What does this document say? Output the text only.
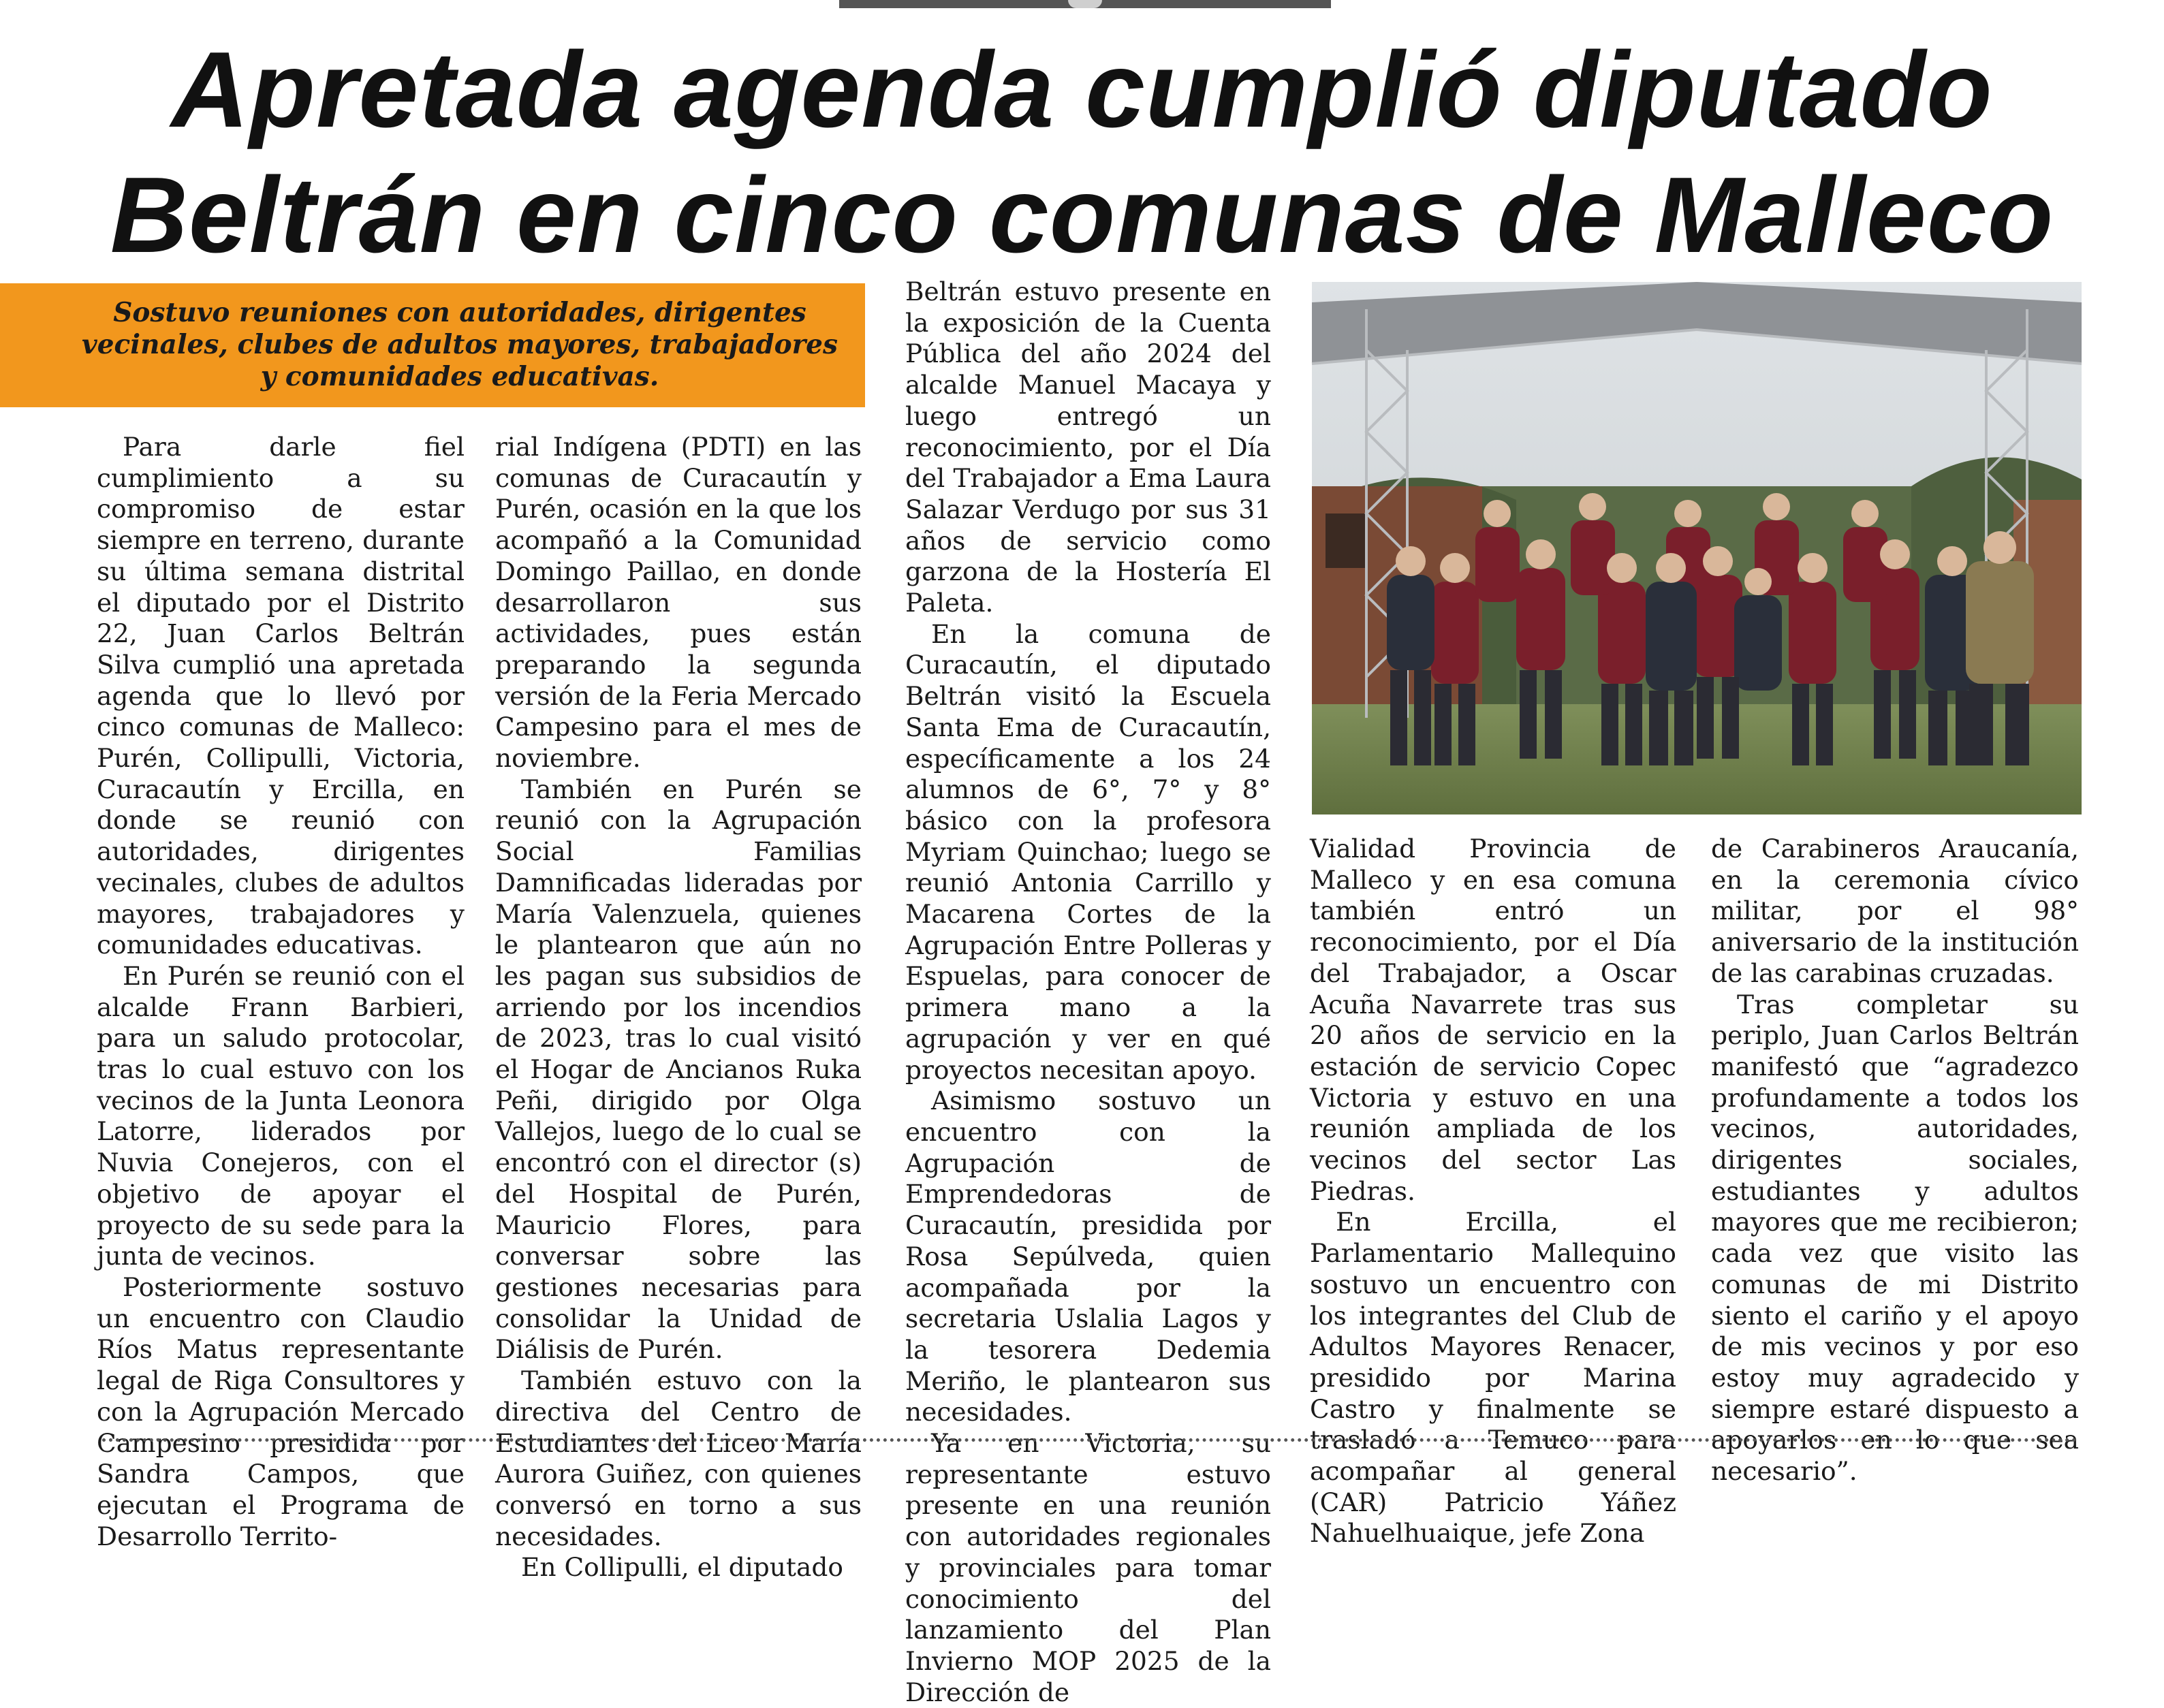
Apretada agenda cumplió diputado
Beltrán en cinco comunas de Malleco
Sostuvo reuniones con autoridades, dirigentes vecinales, clubes de adultos mayores, trabajadores y comunidades educativas.

Para darle fiel cumplimiento a su compromiso de estar siempre en terreno, durante su última semana distrital el diputado por el Distrito 22, Juan Carlos Beltrán Silva cumplió una apretada agenda que lo llevó por cinco comunas de Malleco: Purén, Collipulli, Victoria, Curacautín y Ercilla, en donde se reunió con autoridades, dirigentes vecinales, clubes de adultos mayores, trabajadores y comunidades educativas.

En Purén se reunió con el alcalde Frann Barbieri, para un saludo protocolar, tras lo cual estuvo con los vecinos de la Junta Leonora Latorre, liderados por Nuvia Conejeros, con el objetivo de apoyar el proyecto de su sede para la junta de vecinos.

Posteriormente sostuvo un encuentro con Claudio Ríos Matus representante legal de Riga Consultores y con la Agrupación Mercado Campesino presidida por Sandra Campos, que ejecutan el Programa de Desarrollo Territo-

rial Indígena (PDTI) en las comunas de Curacautín y Purén, ocasión en la que los acompañó a la Comunidad Domingo Paillao, en donde desarrollaron sus actividades, pues están preparando la segunda versión de la Feria Mercado Campesino para el mes de noviembre.

También en Purén se reunió con la Agrupación Social Familias Damnificadas lideradas por María Valenzuela, quienes le plantearon que aún no les pagan sus subsidios de arriendo por los incendios de 2023, tras lo cual visitó el Hogar de Ancianos Ruka Peñi, dirigido por Olga Vallejos, luego de lo cual se encontró con el director (s) del Hospital de Purén, Mauricio Flores, para conversar sobre las gestiones necesarias para consolidar la Unidad de Diálisis de Purén.

También estuvo con la directiva del Centro de Estudiantes del Liceo María Aurora Guiñez, con quienes conversó en torno a sus necesidades.

En Collipulli, el diputado

Beltrán estuvo presente en la exposición de la Cuenta Pública del año 2024 del alcalde Manuel Macaya y luego entregó un reconocimiento, por el Día del Trabajador a Ema Laura Salazar Verdugo por sus 31 años de servicio como garzona de la Hostería El Paleta.

En la comuna de Curacautín, el diputado Beltrán visitó la Escuela Santa Ema de Curacautín, específicamente a los 24 alumnos de 6°, 7° y 8° básico con la profesora Myriam Quinchao; luego se reunió Antonia Carrillo y Macarena Cortes de la Agrupación Entre Polleras y Espuelas, para conocer de primera mano a la agrupación y ver en qué proyectos necesitan apoyo.

Asimismo sostuvo un encuentro con la Agrupación de Emprendedoras de Curacautín, presidida por Rosa Sepúlveda, quien acompañada por la secretaria Uslalia Lagos y la tesorera Dedemia Meriño, le plantearon sus necesidades.

Ya en Victoria, su representante estuvo presente en una reunión con autoridades regionales y provinciales para tomar conocimiento del lanzamiento del Plan Invierno MOP 2025 de la Dirección de

Vialidad Provincia de Malleco y en esa comuna también entró un reconocimiento, por el Día del Trabajador, a Oscar Acuña Navarrete tras sus 20 años de servicio en la estación de servicio Copec Victoria y estuvo en una reunión ampliada de los vecinos del sector Las Piedras.

En Ercilla, el Parlamentario Mallequino sostuvo un encuentro con los integrantes del Club de Adultos Mayores Renacer, presidido por Marina Castro y finalmente se trasladó a Temuco para acompañar al general (CAR) Patricio Yáñez Nahuelhuaique, jefe Zona

de Carabineros Araucanía, en la ceremonia cívico militar, por el 98° aniversario de la institución de las carabinas cruzadas.

Tras completar su periplo, Juan Carlos Beltrán manifestó que “agradezco profundamente a todos los vecinos, autoridades, dirigentes sociales, estudiantes y adultos mayores que me recibieron; cada vez que visito las comunas de mi Distrito siento el cariño y el apoyo de mis vecinos y por eso estoy muy agradecido y siempre estaré dispuesto a apoyarlos en lo que sea necesario”.
